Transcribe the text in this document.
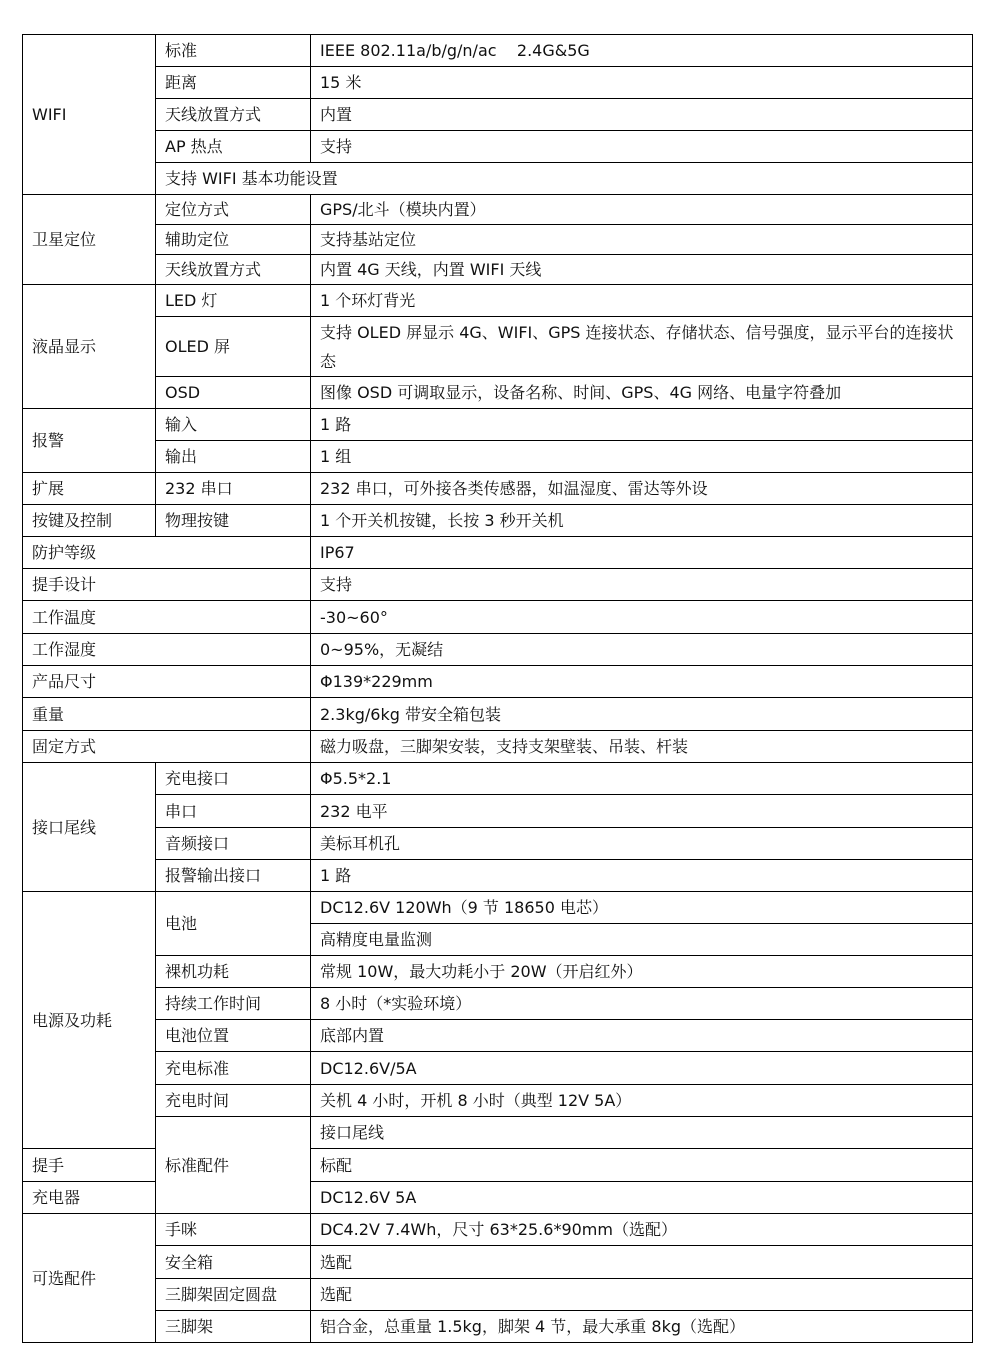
WIFI	标准	IEEE 802.11a/b/g/n/ac    2.4G&5G	
	距离	15 米	
	天线放置方式	内置	
	AP 热点	支持	
	支持 WIFI 基本功能设置		
卫星定位	定位方式	GPS/北斗（模块内置）	
	辅助定位	支持基站定位	
	天线放置方式	内置 4G 天线，内置 WIFI 天线	
液晶显示	LED 灯	1 个环灯背光	
	OLED 屏	支持 OLED 屏显示 4G、WIFI、GPS 连接状态、存储状态、信号强度，显示平台的连接状态	
	OSD	图像 OSD 可调取显示，设备名称、时间、GPS、4G 网络、电量字符叠加	
报警	输入	1 路	
	输出	1 组	
扩展	232 串口	232 串口，可外接各类传感器，如温湿度、雷达等外设	
按键及控制	物理按键	1 个开关机按键，长按 3 秒开关机	
防护等级		IP67	
提手设计		支持	
工作温度		-30~60°	
工作湿度		0~95%，无凝结	
产品尺寸		Φ139*229mm	
重量		2.3kg/6kg 带安全箱包装	
固定方式		磁力吸盘，三脚架安装，支持支架壁装、吊装、杆装	
接口尾线	充电接口	Φ5.5*2.1	
	串口	232 电平	
	音频接口	美标耳机孔	
	报警输出接口	1 路	
电源及功耗	电池	DC12.6V 120Wh（9 节 18650 电芯）	
		高精度电量监测	
	裸机功耗	常规 10W，最大功耗小于 20W（开启红外）	
	持续工作时间	8 小时（*实验环境）	
	电池位置	底部内置	
	充电标准	DC12.6V/5A	
	充电时间	关机 4 小时，开机 8 小时（典型 12V 5A）	
	标准配件	接口尾线	
提手		标配	
充电器		DC12.6V 5A	
可选配件	手咪	DC4.2V 7.4Wh，尺寸 63*25.6*90mm（选配）	
	安全箱	选配	
	三脚架固定圆盘	选配	
	三脚架	铝合金，总重量 1.5kg，脚架 4 节，最大承重 8kg（选配）	
